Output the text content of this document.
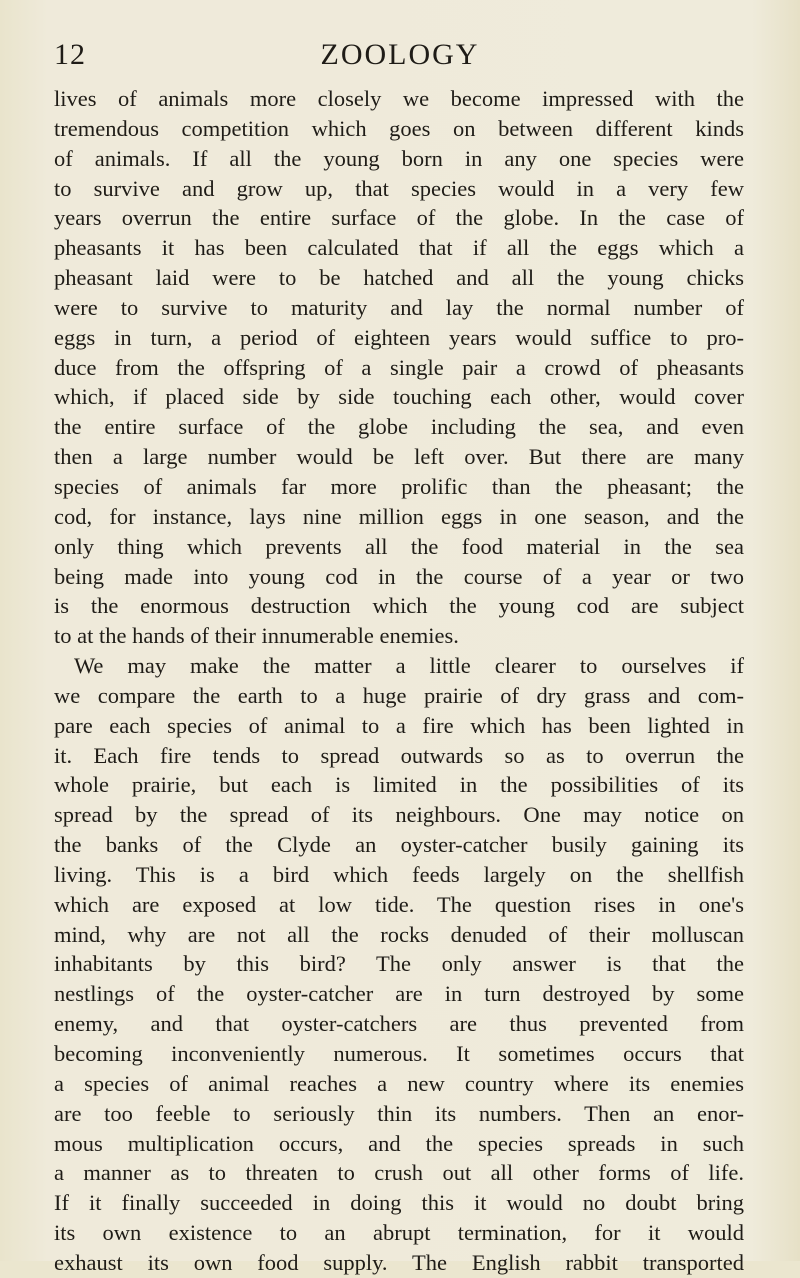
12	ZOOLOGY
lives of animals more closely we become impressed with the
tremendous competition which goes on between different kinds
of animals. If all the young born in any one species were
to survive and grow up, that species would in a very few
years overrun the entire surface of the globe. In the case of
pheasants it has been calculated that if all the eggs which a
pheasant laid were to be hatched and all the young chicks
were to survive to maturity and lay the normal number of
eggs in turn, a period of eighteen years would suffice to pro-
duce from the offspring of a single pair a crowd of pheasants
which, if placed side by side touching each other, would cover
the entire surface of the globe including the sea, and even
then a large number would be left over. But there are many
species of animals far more prolific than the pheasant; the
cod, for instance, lays nine million eggs in one season, and the
only thing which prevents all the food material in the sea
being made into young cod in the course of a year or two
is the enormous destruction which the young cod are subject
to at the hands of their innumerable enemies.
We may make the matter a little clearer to ourselves if
we compare the earth to a huge prairie of dry grass and com-
pare each species of animal to a fire which has been lighted in
it. Each fire tends to spread outwards so as to overrun the
whole prairie, but each is limited in the possibilities of its
spread by the spread of its neighbours. One may notice on
the banks of the Clyde an oyster-catcher busily gaining its
living. This is a bird which feeds largely on the shellfish
which are exposed at low tide. The question rises in one's
mind, why are not all the rocks denuded of their molluscan
inhabitants by this bird? The only answer is that the
nestlings of the oyster-catcher are in turn destroyed by some
enemy, and that oyster-catchers are thus prevented from
becoming inconveniently numerous. It sometimes occurs that
a species of animal reaches a new country where its enemies
are too feeble to seriously thin its numbers. Then an enor-
mous multiplication occurs, and the species spreads in such
a manner as to threaten to crush out all other forms of life.
If it finally succeeded in doing this it would no doubt bring
its own existence to an abrupt termination, for it would
exhaust its own food supply. The English rabbit transported
